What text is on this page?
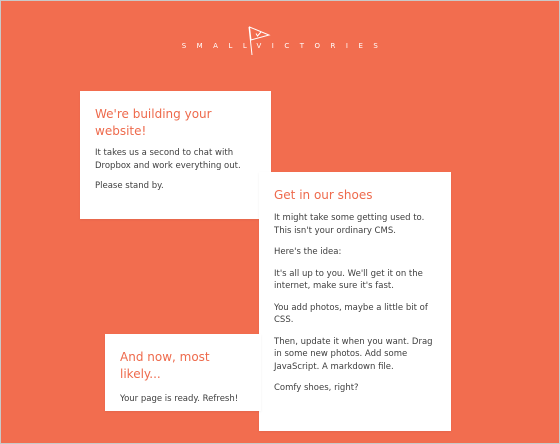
SMALLVICTORIES
We're building your website!

It takes us a second to chat with Dropbox and work everything out.

Please stand by.

Get in our shoes

It might take some getting used to. This isn't your ordinary CMS.

Here's the idea:

It's all up to you. We'll get it on the internet, make sure it's fast.

You add photos, maybe a little bit of CSS.

Then, update it when you want. Drag in some new photos. Add some JavaScript. A markdown file.

Comfy shoes, right?

And now, most likely...

Your page is ready. Refresh!
